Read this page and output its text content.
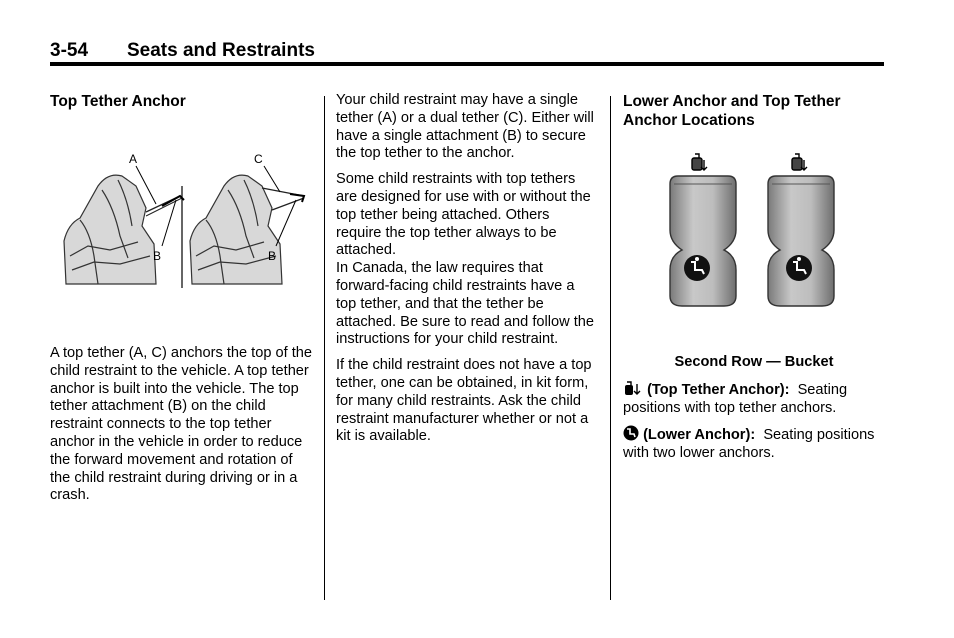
3-54 Seats and Restraints
Top Tether Anchor
A
B
C
B

A top tether (A, C) anchors the top of the child restraint to the vehicle. A top tether anchor is built into the vehicle. The top tether attachment (B) on the child restraint connects to the top tether anchor in the vehicle in order to reduce the forward movement and rotation of the child restraint during driving or in a crash.

Your child restraint may have a single tether (A) or a dual tether (C). Either will have a single attachment (B) to secure the top tether to the anchor.

Some child restraints with top tethers are designed for use with or without the top tether being attached. Others require the top tether always to be attached.

In Canada, the law requires that forward-facing child restraints have a top tether, and that the tether be attached. Be sure to read and follow the instructions for your child restraint.

If the child restraint does not have a top tether, one can be obtained, in kit form, for many child restraints. Ask the child restraint manufacturer whether or not a kit is available.

Lower Anchor and Top Tether Anchor Locations

Second Row — Bucket

(Top Tether Anchor): Seating positions with top tether anchors.

(Lower Anchor): Seating positions with two lower anchors.
